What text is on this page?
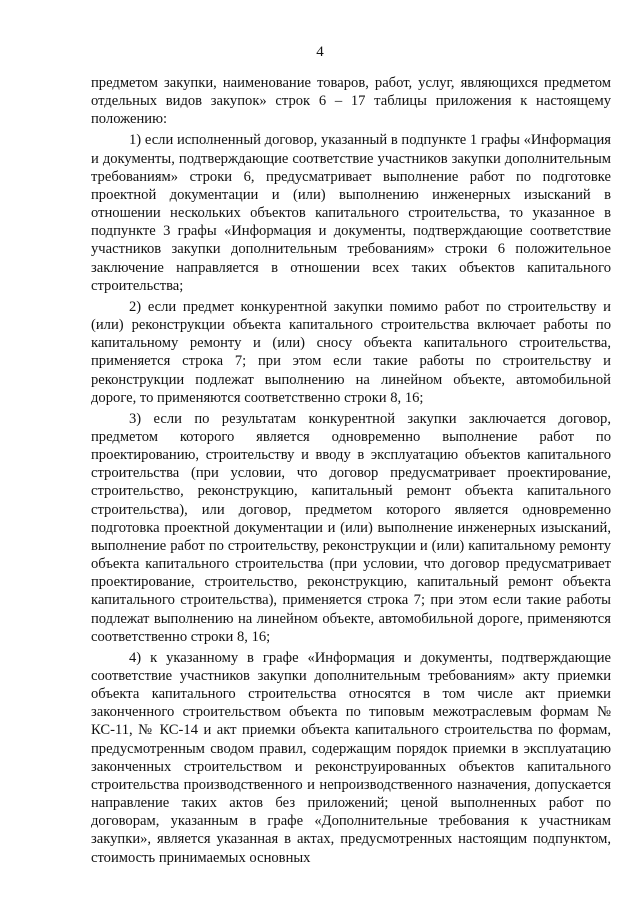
4

предметом закупки, наименование товаров, работ, услуг, являющихся предметом отдельных видов закупок» строк 6 – 17 таблицы приложения к настоящему положению:

1) если исполненный договор, указанный в подпункте 1 графы «Информация и документы, подтверждающие соответствие участников закупки дополнительным требованиям» строки 6, предусматривает выполнение работ по подготовке проектной документации и (или) выполнению инженерных изысканий в отношении нескольких объектов капитального строительства, то указанное в подпункте 3 графы «Информация и документы, подтверждающие соответствие участников закупки дополнительным требованиям» строки 6 положительное заключение направляется в отношении всех таких объектов капитального строительства;

2) если предмет конкурентной закупки помимо работ по строительству и (или) реконструкции объекта капитального строительства включает работы по капитальному ремонту и (или) сносу объекта капитального строительства, применяется строка 7; при этом если такие работы по строительству и реконструкции подлежат выполнению на линейном объекте, автомобильной дороге, то применяются соответственно строки 8, 16;

3) если по результатам конкурентной закупки заключается договор, предметом которого является одновременно выполнение работ по проектированию, строительству и вводу в эксплуатацию объектов капитального строительства (при условии, что договор предусматривает проектирование, строительство, реконструкцию, капитальный ремонт объекта капитального строительства), или договор, предметом которого является одновременно подготовка проектной документации и (или) выполнение инженерных изысканий, выполнение работ по строительству, реконструкции и (или) капитальному ремонту объекта капитального строительства (при условии, что договор предусматривает проектирование, строительство, реконструкцию, капитальный ремонт объекта капитального строительства), применяется строка 7; при этом если такие работы подлежат выполнению на линейном объекте, автомобильной дороге, применяются соответственно строки 8, 16;

4) к указанному в графе «Информация и документы, подтверждающие соответствие участников закупки дополнительным требованиям» акту приемки объекта капитального строительства относятся в том числе акт приемки законченного строительством объекта по типовым межотраслевым формам № КС-11, № КС-14 и акт приемки объекта капитального строительства по формам, предусмотренным сводом правил, содержащим порядок приемки в эксплуатацию законченных строительством и реконструированных объектов капитального строительства производственного и непроизводственного назначения, допускается направление таких актов без приложений; ценой выполненных работ по договорам, указанным в графе «Дополнительные требования к участникам закупки», является указанная в актах, предусмотренных настоящим подпунктом, стоимость принимаемых основных
